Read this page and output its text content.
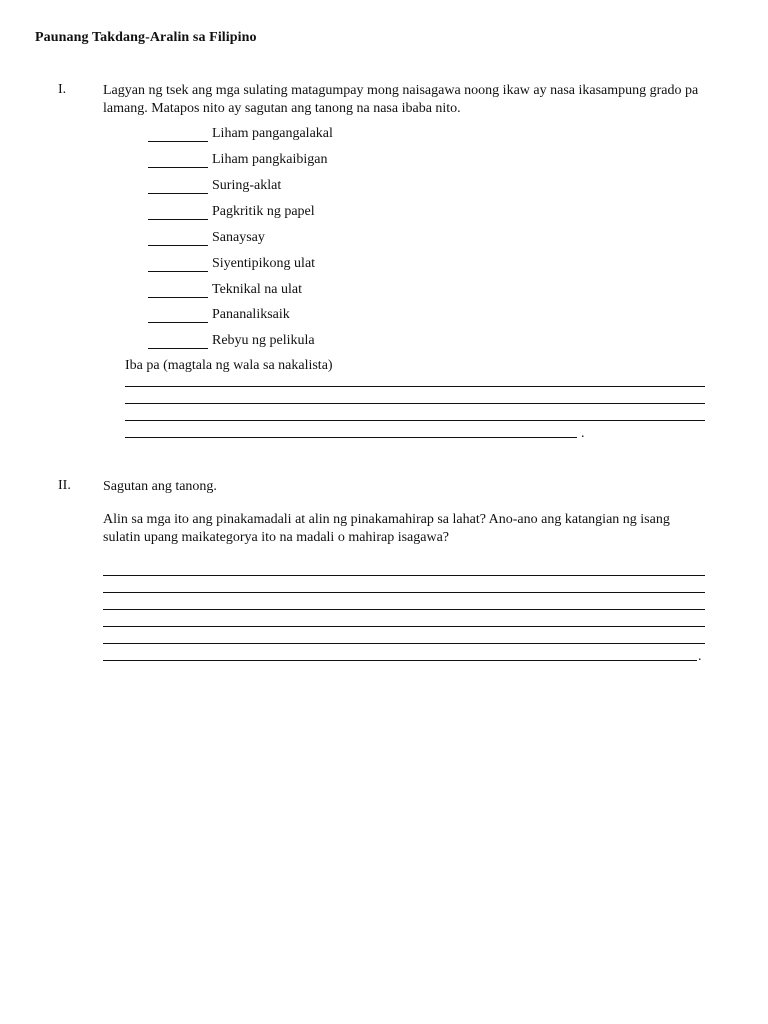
Paunang Takdang-Aralin sa Filipino
I.	Lagyan ng tsek ang mga sulating matagumpay mong naisagawa noong ikaw ay nasa ikasampung grado pa lamang. Matapos nito ay sagutan ang tanong na nasa ibaba nito.
Liham pangangalakal
Liham pangkaibigan
Suring-aklat
Pagkritik ng papel
Sanaysay
Siyentipikong ulat
Teknikal na ulat
Pananaliksaik
Rebyu ng pelikula
Iba pa (magtala ng wala sa nakalista)
.
II. Sagutan ang tanong.
Alin sa mga ito ang pinakamadali at alin ng pinakamahirap sa lahat? Ano-ano ang katangian ng isang sulatin upang maikategorya ito na madali o mahirap isagawa?
.
